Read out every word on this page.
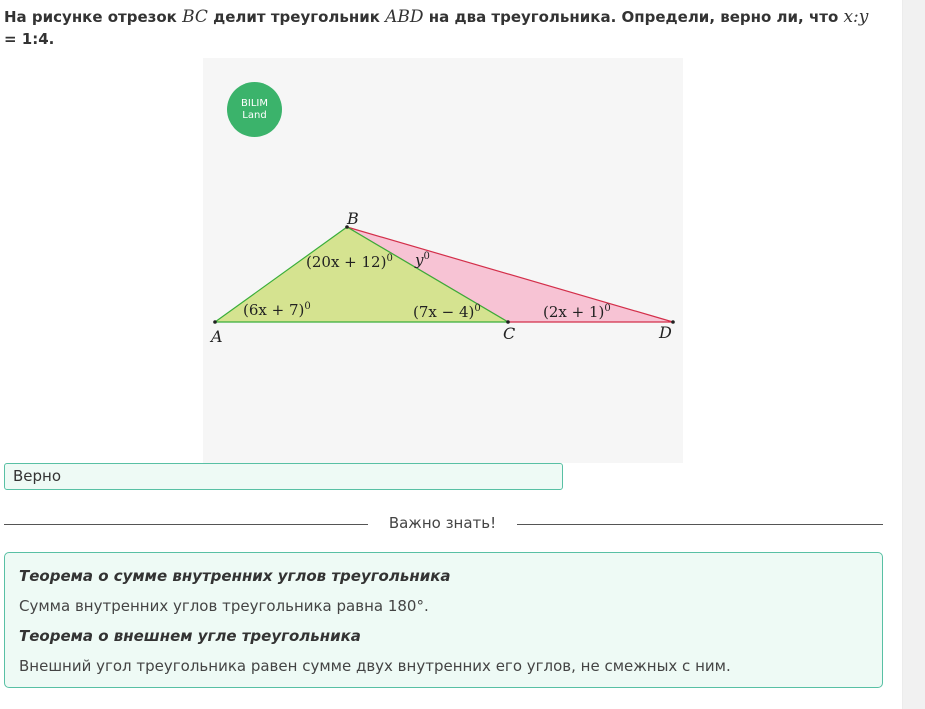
На рисунке отрезок BC делит треугольник ABD на два треугольника. Определи, верно ли, что x:y = 1:4.
BILIM
Land
A
B
C	D
$(6x + 7)^0$
$(20x + 12)^0$ $y^0$
$(7x - 4)^0$	$(2x + 1)^0$
Верно
Важно знать!
Теорема о сумме внутренних углов треугольника
Сумма внутренних углов треугольника равна 180°.
Теорема о внешнем угле треугольника
Внешний угол треугольника равен сумме двух внутренних его углов, не смежных с ним.
